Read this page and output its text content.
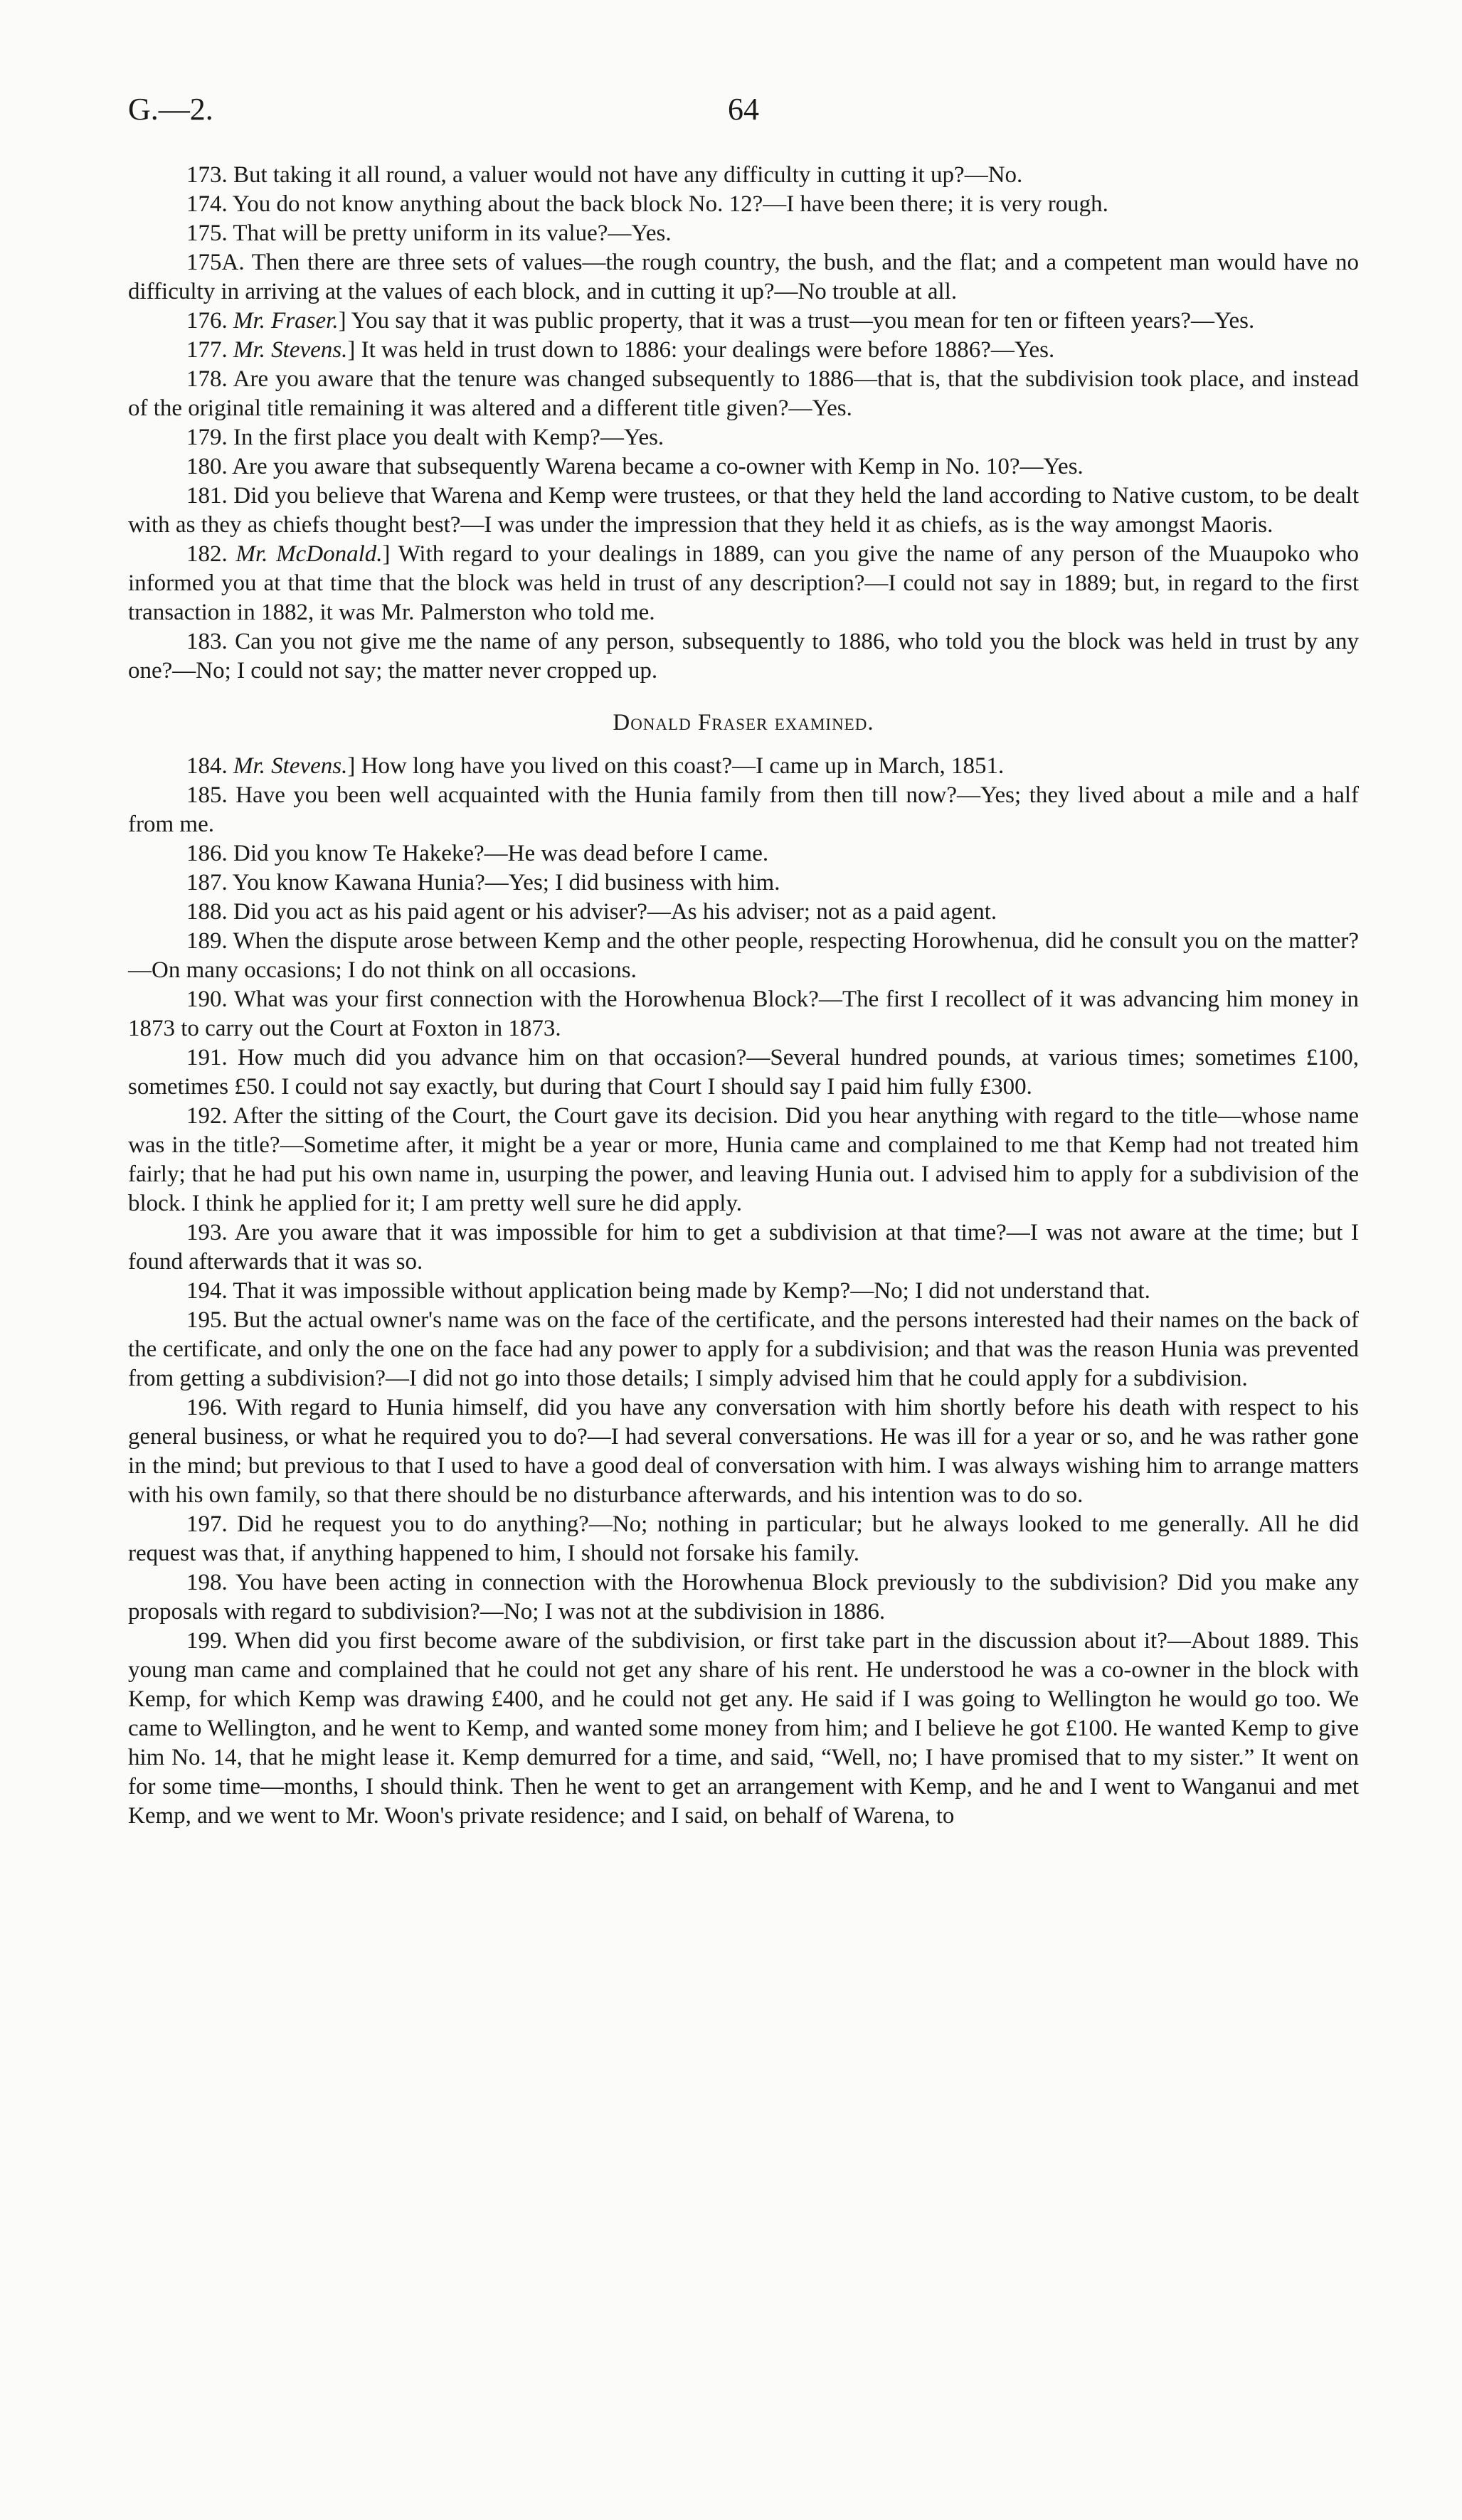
G.—2.	64

173. But taking it all round, a valuer would not have any difficulty in cutting it up?—No.

174. You do not know anything about the back block No. 12?—I have been there; it is very rough.

175. That will be pretty uniform in its value?—Yes.

175A. Then there are three sets of values—the rough country, the bush, and the flat; and a competent man would have no difficulty in arriving at the values of each block, and in cutting it up?—No trouble at all.

176. Mr. Fraser.] You say that it was public property, that it was a trust—you mean for ten or fifteen years?—Yes.

177. Mr. Stevens.] It was held in trust down to 1886: your dealings were before 1886?—Yes.

178. Are you aware that the tenure was changed subsequently to 1886—that is, that the subdivision took place, and instead of the original title remaining it was altered and a different title given?—Yes.

179. In the first place you dealt with Kemp?—Yes.

180. Are you aware that subsequently Warena became a co-owner with Kemp in No. 10?—Yes.

181. Did you believe that Warena and Kemp were trustees, or that they held the land according to Native custom, to be dealt with as they as chiefs thought best?—I was under the impression that they held it as chiefs, as is the way amongst Maoris.

182. Mr. McDonald.] With regard to your dealings in 1889, can you give the name of any person of the Muaupoko who informed you at that time that the block was held in trust of any description?—I could not say in 1889; but, in regard to the first transaction in 1882, it was Mr. Palmerston who told me.

183. Can you not give me the name of any person, subsequently to 1886, who told you the block was held in trust by any one?—No; I could not say; the matter never cropped up.

Donald Fraser examined.

184. Mr. Stevens.] How long have you lived on this coast?—I came up in March, 1851.

185. Have you been well acquainted with the Hunia family from then till now?—Yes; they lived about a mile and a half from me.

186. Did you know Te Hakeke?—He was dead before I came.

187. You know Kawana Hunia?—Yes; I did business with him.

188. Did you act as his paid agent or his adviser?—As his adviser; not as a paid agent.

189. When the dispute arose between Kemp and the other people, respecting Horowhenua, did he consult you on the matter?—On many occasions; I do not think on all occasions.

190. What was your first connection with the Horowhenua Block?—The first I recollect of it was advancing him money in 1873 to carry out the Court at Foxton in 1873.

191. How much did you advance him on that occasion?—Several hundred pounds, at various times; sometimes £100, sometimes £50. I could not say exactly, but during that Court I should say I paid him fully £300.

192. After the sitting of the Court, the Court gave its decision. Did you hear anything with regard to the title—whose name was in the title?—Sometime after, it might be a year or more, Hunia came and complained to me that Kemp had not treated him fairly; that he had put his own name in, usurping the power, and leaving Hunia out. I advised him to apply for a subdivision of the block. I think he applied for it; I am pretty well sure he did apply.

193. Are you aware that it was impossible for him to get a subdivision at that time?—I was not aware at the time; but I found afterwards that it was so.

194. That it was impossible without application being made by Kemp?—No; I did not understand that.

195. But the actual owner's name was on the face of the certificate, and the persons interested had their names on the back of the certificate, and only the one on the face had any power to apply for a subdivision; and that was the reason Hunia was prevented from getting a subdivision?—I did not go into those details; I simply advised him that he could apply for a subdivision.

196. With regard to Hunia himself, did you have any conversation with him shortly before his death with respect to his general business, or what he required you to do?—I had several conversations. He was ill for a year or so, and he was rather gone in the mind; but previous to that I used to have a good deal of conversation with him. I was always wishing him to arrange matters with his own family, so that there should be no disturbance afterwards, and his intention was to do so.

197. Did he request you to do anything?—No; nothing in particular; but he always looked to me generally. All he did request was that, if anything happened to him, I should not forsake his family.

198. You have been acting in connection with the Horowhenua Block previously to the subdivision? Did you make any proposals with regard to subdivision?—No; I was not at the subdivision in 1886.

199. When did you first become aware of the subdivision, or first take part in the discussion about it?—About 1889. This young man came and complained that he could not get any share of his rent. He understood he was a co-owner in the block with Kemp, for which Kemp was drawing £400, and he could not get any. He said if I was going to Wellington he would go too. We came to Wellington, and he went to Kemp, and wanted some money from him; and I believe he got £100. He wanted Kemp to give him No. 14, that he might lease it. Kemp demurred for a time, and said, “Well, no; I have promised that to my sister.” It went on for some time—months, I should think. Then he went to get an arrangement with Kemp, and he and I went to Wanganui and met Kemp, and we went to Mr. Woon's private residence; and I said, on behalf of Warena, to
